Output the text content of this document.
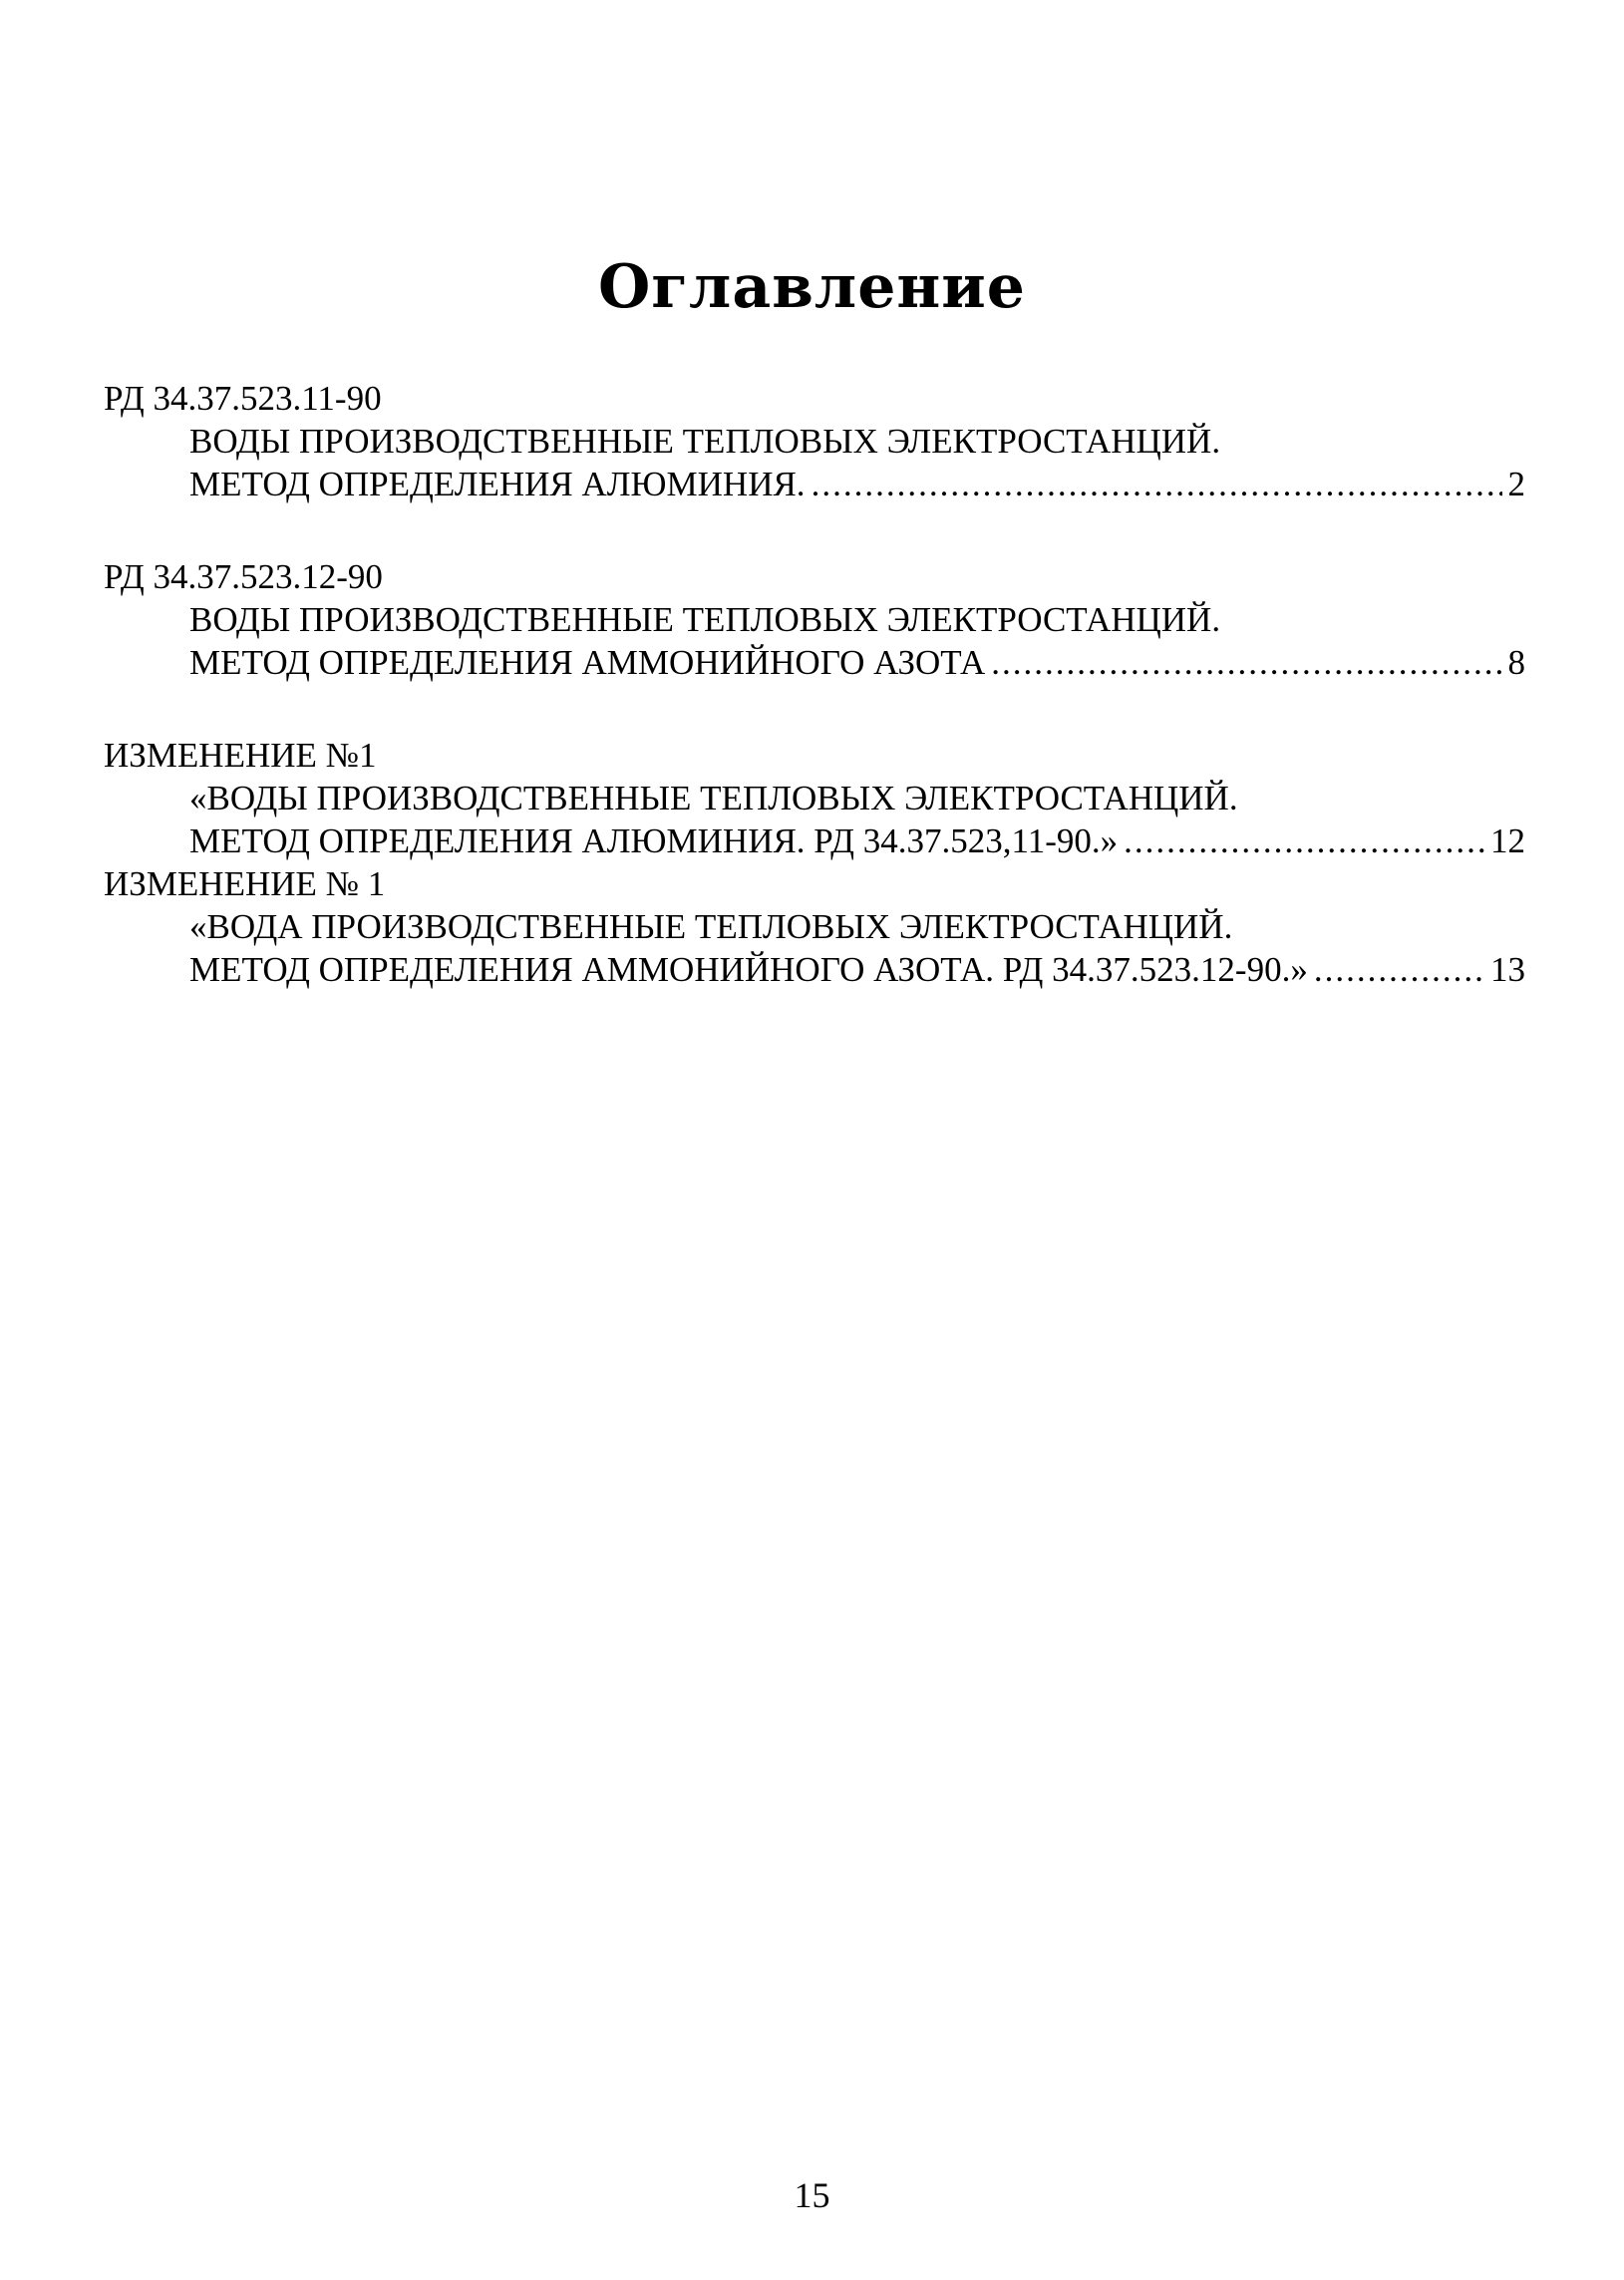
Оглавление
РД 34.37.523.11-90
ВОДЫ ПРОИЗВОДСТВЕННЫЕ ТЕПЛОВЫХ ЭЛЕКТРОСТАНЦИЙ.
МЕТОД ОПРЕДЕЛЕНИЯ АЛЮМИНИЯ. .....	2
РД 34.37.523.12-90
ВОДЫ ПРОИЗВОДСТВЕННЫЕ ТЕПЛОВЫХ ЭЛЕКТРОСТАНЦИЙ.
МЕТОД ОПРЕДЕЛЕНИЯ АММОНИЙНОГО АЗОТА .....	8
ИЗМЕНЕНИЕ №1
«ВОДЫ ПРОИЗВОДСТВЕННЫЕ ТЕПЛОВЫХ ЭЛЕКТРОСТАНЦИЙ.
МЕТОД ОПРЕДЕЛЕНИЯ АЛЮМИНИЯ. РД 34.37.523,11-90.» .....	12
ИЗМЕНЕНИЕ № 1
«ВОДА ПРОИЗВОДСТВЕННЫЕ ТЕПЛОВЫХ ЭЛЕКТРОСТАНЦИЙ.
МЕТОД ОПРЕДЕЛЕНИЯ АММОНИЙНОГО АЗОТА. РД 34.37.523.12-90.» .....	13
15
